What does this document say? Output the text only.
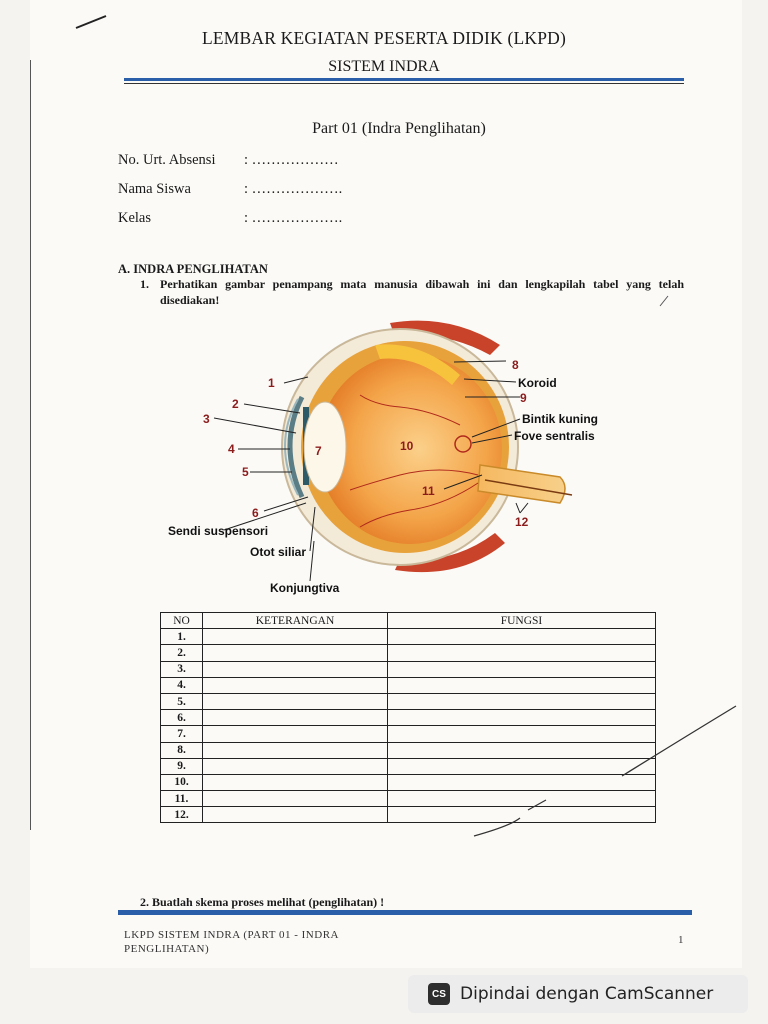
LEMBAR KEGIATAN PESERTA DIDIK (LKPD)
SISTEM INDRA
Part 01 (Indra Penglihatan)
No. Urt. Absensi : ………………
Nama Siswa	: ……………….
Kelas	: ……………….
A. INDRA PENGLIHATAN
1. Perhatikan gambar penampang mata manusia dibawah ini dan lengkapilah tabel yang telah disediakan!
1
2
3
4
5
6
7
8
9
10
11
12
Koroid
Bintik kuning
Fove sentralis
Sendi suspensori
Otot siliar
Konjungtiva
NO	KETERANGAN	FUNGSI
1.		
2.		
3.		
4.		
5.		
6.		
7.		
8.		
9.		
10.		
11.		
12.		
2. Buatlah skema proses melihat (penglihatan) !
LKPD SISTEM INDRA (PART 01 - INDRA
PENGLIHATAN)
1
CS Dipindai dengan CamScanner
